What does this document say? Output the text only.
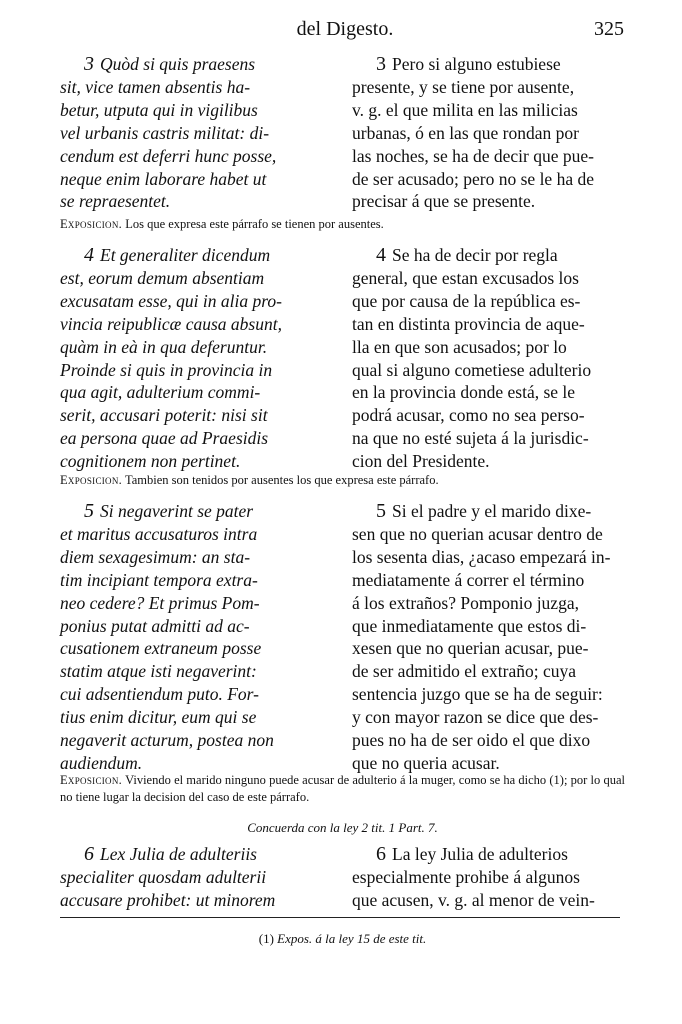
del Digesto.	325

3 Quòd si quis praesens

sit, vice tamen absentis ha-

betur, utputa qui in vigilibus

vel urbanis castris militat: di-

cendum est deferri hunc posse,

neque enim laborare habet ut

se repraesentet.

3 Pero si alguno estubiese

presente, y se tiene por ausente,

v. g. el que milita en las milicias

urbanas, ó en las que rondan por

las noches, se ha de decir que pue-

de ser acusado; pero no se le ha de

precisar á que se presente.

Exposicion. Los que expresa este párrafo se tienen por ausentes.

4 Et generaliter dicendum

est, eorum demum absentiam

excusatam esse, qui in alia pro-

vincia reipublicæ causa absunt,

quàm in eà in qua deferuntur.

Proinde si quis in provincia in

qua agit, adulterium commi-

serit, accusari poterit: nisi sit

ea persona quae ad Praesidis

cognitionem non pertinet.

4 Se ha de decir por regla

general, que estan excusados los

que por causa de la república es-

tan en distinta provincia de aque-

lla en que son acusados; por lo

qual si alguno cometiese adulterio

en la provincia donde está, se le

podrá acusar, como no sea perso-

na que no esté sujeta á la jurisdic-

cion del Presidente.

Exposicion. Tambien son tenidos por ausentes los que expresa este párrafo.

5 Si negaverint se pater

et maritus accusaturos intra

diem sexagesimum: an sta-

tim incipiant tempora extra-

neo cedere? Et primus Pom-

ponius putat admitti ad ac-

cusationem extraneum posse

statim atque isti negaverint:

cui adsentiendum puto. For-

tius enim dicitur, eum qui se

negaverit acturum, postea non

audiendum.

5 Si el padre y el marido dixe-

sen que no querian acusar dentro de

los sesenta dias, ¿acaso empezará in-

mediatamente á correr el término

á los extraños? Pomponio juzga,

que inmediatamente que estos di-

xesen que no querian acusar, pue-

de ser admitido el extraño; cuya

sentencia juzgo que se ha de seguir:

y con mayor razon se dice que des-

pues no ha de ser oido el que dixo

que no queria acusar.

Exposicion. Viviendo el marido ninguno puede acusar de adulterio á la muger, como se ha dicho (1); por lo qual no tiene lugar la decision del caso de este párrafo.
Concuerda con la ley 2 tit. 1 Part. 7.

6 Lex Julia de adulteriis

specialiter quosdam adulterii

accusare prohibet: ut minorem

6 La ley Julia de adulterios

especialmente prohibe á algunos

que acusen, v. g. al menor de vein-

(1) Expos. á la ley 15 de este tit.
